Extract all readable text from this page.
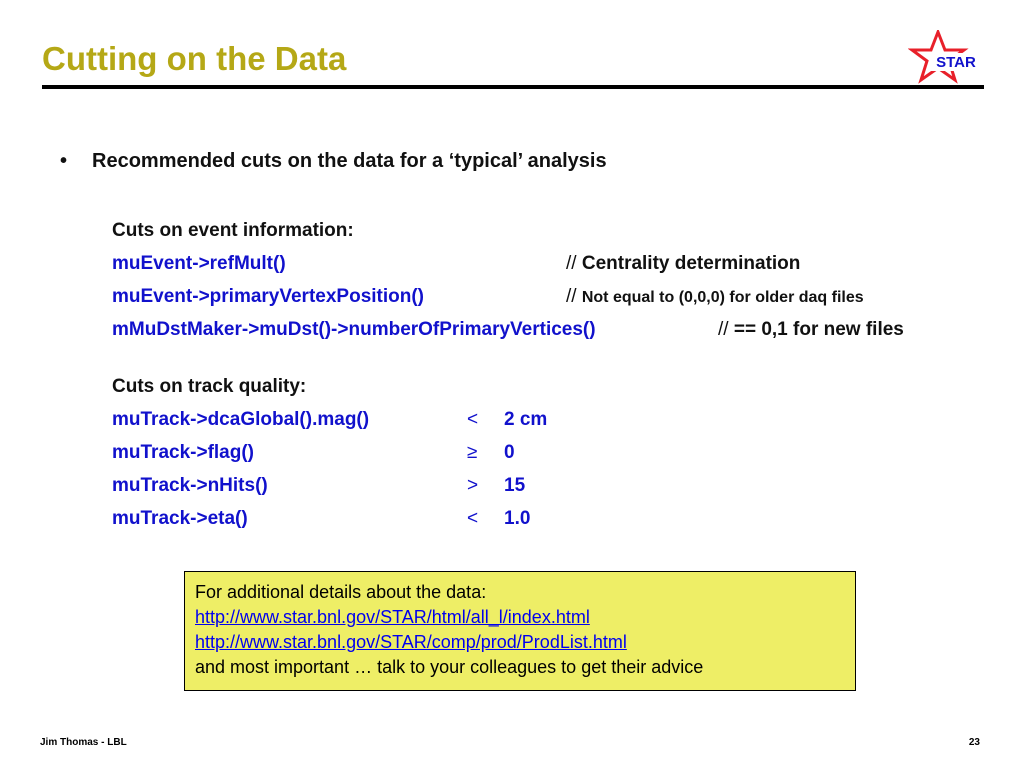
Cutting on the Data	STAR
• Recommended cuts on the data for a ‘typical’ analysis
Cuts on event information:
muEvent->refMult()	// Centrality determination
muEvent->primaryVertexPosition()	// Not equal to (0,0,0) for older daq files
mMuDstMaker->muDst()->numberOfPrimaryVertices()	// == 0,1 for new files
Cuts on track quality:
muTrack->dcaGlobal().mag()	< 2 cm
muTrack->flag()	≥ 0
muTrack->nHits()	> 15
muTrack->eta()	< 1.0
For additional details about the data:
http://www.star.bnl.gov/STAR/html/all_l/index.html
http://www.star.bnl.gov/STAR/comp/prod/ProdList.html
and most important … talk to your colleagues to get their advice
Jim Thomas - LBL	23
